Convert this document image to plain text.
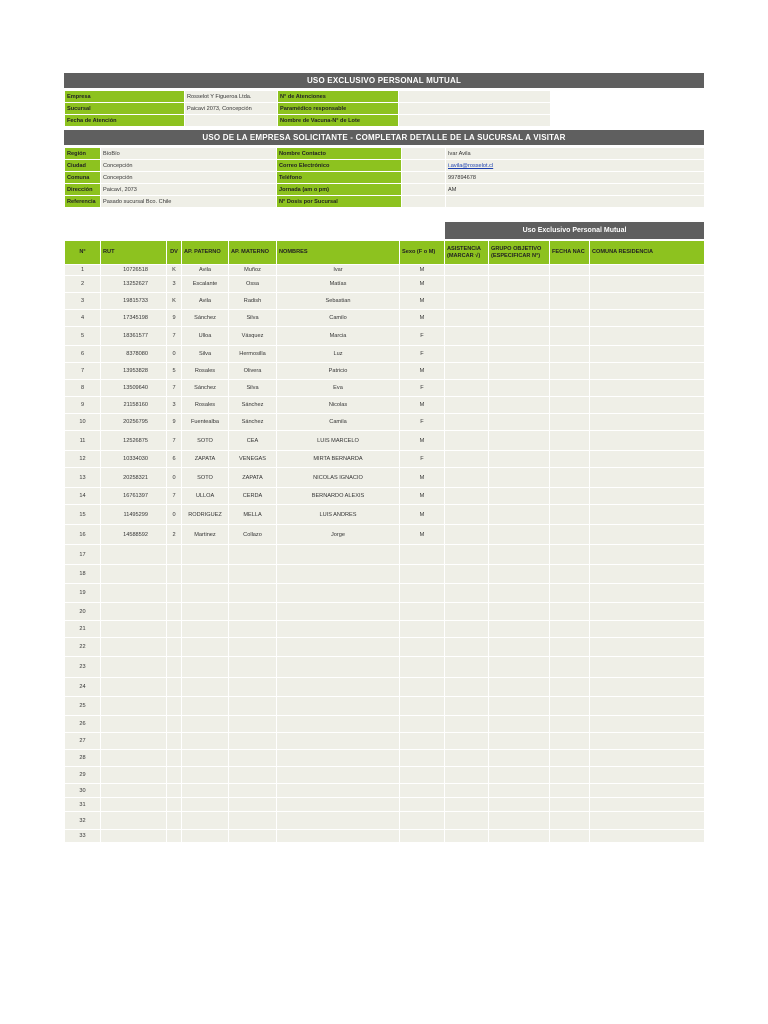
USO EXCLUSIVO PERSONAL MUTUAL
Empresa	Rosselot Y Figueroa Ltda.	N° de Atenciones	
Sucursal	Paicavi 2073, Concepción	Paramédico responsable	
Fecha de Atención		Nombre de Vacuna-N° de Lote	
USO DE LA EMPRESA SOLICITANTE - COMPLETAR DETALLE DE LA SUCURSAL A VISITAR
Región	BíoBío	Nombre Contacto		Ivar Avila
Ciudad	Concepción	Correo Electrónico		i.avila@rosselot.cl
Comuna	Concepción	Teléfono		997894678
Dirección	Paicaví, 2073	Jornada (am o pm)		AM
Referencia	Pasado sucursal Bco. Chile	N° Dosis por Sucursal		
Uso Exclusivo Personal Mutual
N°	RUT	DV	AP. PATERNO	AP. MATERNO	NOMBRES	Sexo (F o M)	ASISTENCIA (MARCAR √)	GRUPO OBJETIVO (ESPECIFICAR N°)	FECHA NAC	COMUNA RESIDENCIA
1	10726518	K	Avila	Muñoz	Ivar	M				
2	13252627	3	Escalante	Ossa	Matías	M				
3	19815733	K	Avila	Radish	Sebastian	M				
4	17345198	9	Sánchez	Silva	Camilo	M				
5	18361577	7	Ulloa	Vásquez	Marcia	F				
6	8378080	0	Silva	Hermosilla	Luz	F				
7	13953828	5	Rosales	Olivera	Patricio	M				
8	13509640	7	Sánchez	Silva	Eva	F				
9	21158160	3	Rosales	Sánchez	Nicolas	M				
10	20256795	9	Fuentealba	Sánchez	Camila	F				
11	12526875	7	SOTO	CEA	LUIS MARCELO	M				
12	10334030	6	ZAPATA	VENEGAS	MIRTA BERNARDA	F				
13	20258321	0	SOTO	ZAPATA	NICOLAS IGNACIO	M				
14	16761397	7	ULLOA	CERDA	BERNARDO ALEXIS	M				
15	11495299	0	RODRIGUEZ	MELLA	LUIS ANDRES	M				
16	14588592	2	Martinez	Collazo	Jorge	M				
17										
18										
19										
20										
21										
22										
23										
24										
25										
26										
27										
28										
29										
30										
31										
32										
33										
